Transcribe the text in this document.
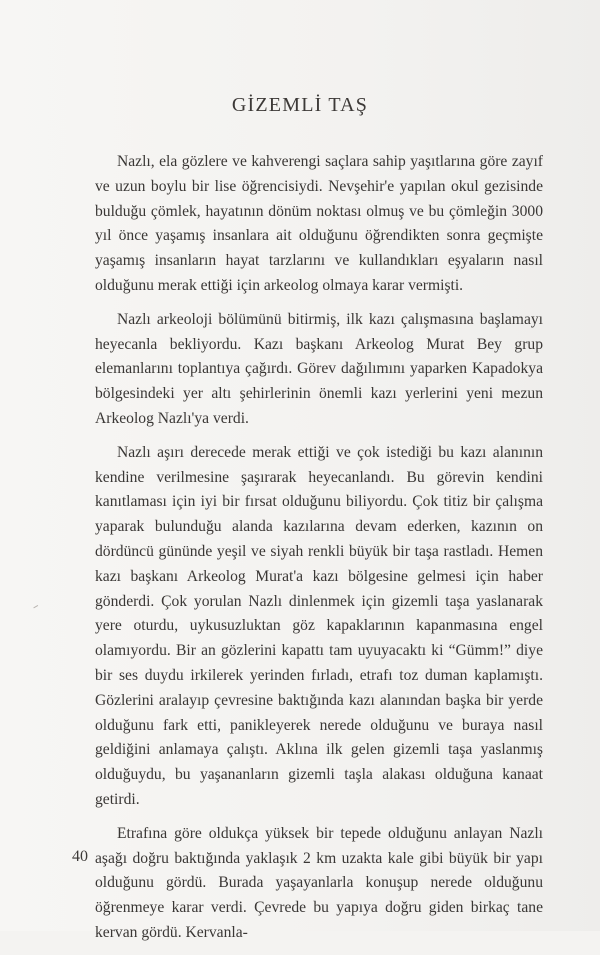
GİZEMLİ TAŞ

Nazlı, ela gözlere ve kahverengi saçlara sahip yaşıtlarına göre zayıf ve uzun boylu bir lise öğrencisiydi. Nevşehir'e yapılan okul gezisinde bulduğu çömlek, hayatının dönüm noktası olmuş ve bu çömleğin 3000 yıl önce yaşamış insanlara ait olduğunu öğrendikten sonra geçmişte yaşamış insanların hayat tarzlarını ve kullandıkları eşyaların nasıl olduğunu merak ettiği için arkeolog olmaya karar vermişti.

Nazlı arkeoloji bölümünü bitirmiş, ilk kazı çalışmasına başlamayı heyecanla bekliyordu. Kazı başkanı Arkeolog Murat Bey grup elemanlarını toplantıya çağırdı. Görev dağılımını yaparken Kapadokya bölgesindeki yer altı şehirlerinin önemli kazı yerlerini yeni mezun Arkeolog Nazlı'ya verdi.

Nazlı aşırı derecede merak ettiği ve çok istediği bu kazı alanının kendine verilmesine şaşırarak heyecanlandı. Bu görevin kendini kanıtlaması için iyi bir fırsat olduğunu biliyordu. Çok titiz bir çalışma yaparak bulunduğu alanda kazılarına devam ederken, kazının on dördüncü gününde yeşil ve siyah renkli büyük bir taşa rastladı. Hemen kazı başkanı Arkeolog Murat'a kazı bölgesine gelmesi için haber gönderdi. Çok yorulan Nazlı dinlenmek için gizemli taşa yaslanarak yere oturdu, uykusuzluktan göz kapaklarının kapanmasına engel olamıyordu. Bir an gözlerini kapattı tam uyuyacaktı ki “Gümm!” diye bir ses duydu irkilerek yerinden fırladı, etrafı toz duman kaplamıştı. Gözlerini aralayıp çevresine baktığında kazı alanından başka bir yerde olduğunu fark etti, panikleyerek nerede olduğunu ve buraya nasıl geldiğini anlamaya çalıştı. Aklına ilk gelen gizemli taşa yaslanmış olduğuydu, bu yaşananların gizemli taşla alakası olduğuna kanaat getirdi.

Etrafına göre oldukça yüksek bir tepede olduğunu anlayan Nazlı aşağı doğru baktığında yaklaşık 2 km uzakta kale gibi büyük bir yapı olduğunu gördü. Burada yaşayanlarla konuşup nerede olduğunu öğrenmeye karar verdi. Çevrede bu yapıya doğru giden birkaç tane kervan gördü. Kervanla-

40
